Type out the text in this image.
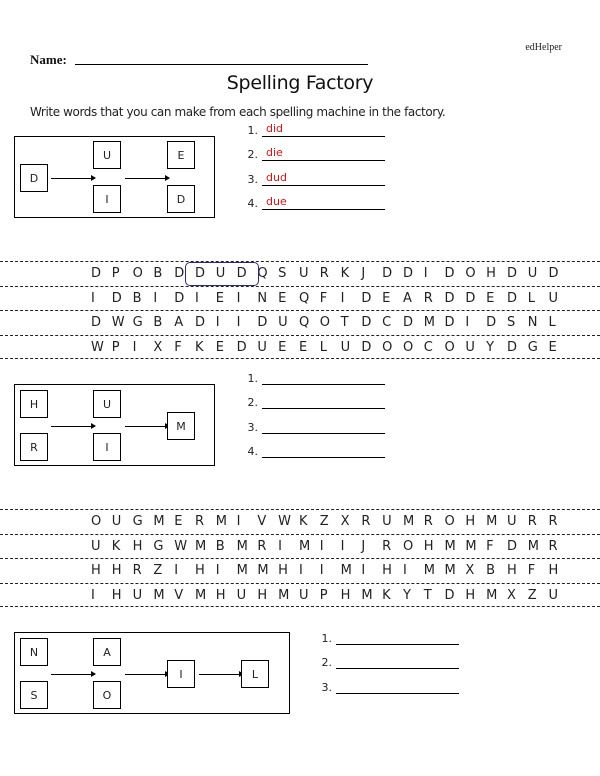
edHelper
Name:
Spelling Factory
Write words that you can make from each spelling machine in the factory.
D
U
I
E
D
1. did
2. die
3. dud
4. due
D P O B D D U D Q S U R K J	D D I	D O H D U D
I	D B I	D I	E I	N E Q F	I	D E A R D D E D L	U
D W G B A D I	I	D U Q O T D C D M D I	D S N L
W P I	X F	K E D U E E L	U D O O C O U Y D G E
H
R
U
I
M
1.
2.
3.
4.
O U G M E R M I	V W K Z X R U M R O H M U R R
U K H G W M B M R I	M I	I	J	R O H M M F	D M R
H H R Z I	H I	M M H I	I	M I	H I	M M X B H F	H
I	H U M V M H U H M U P H M K Y T D H M X Z U
N
S
A
O
I	L
1.
2.
3.
